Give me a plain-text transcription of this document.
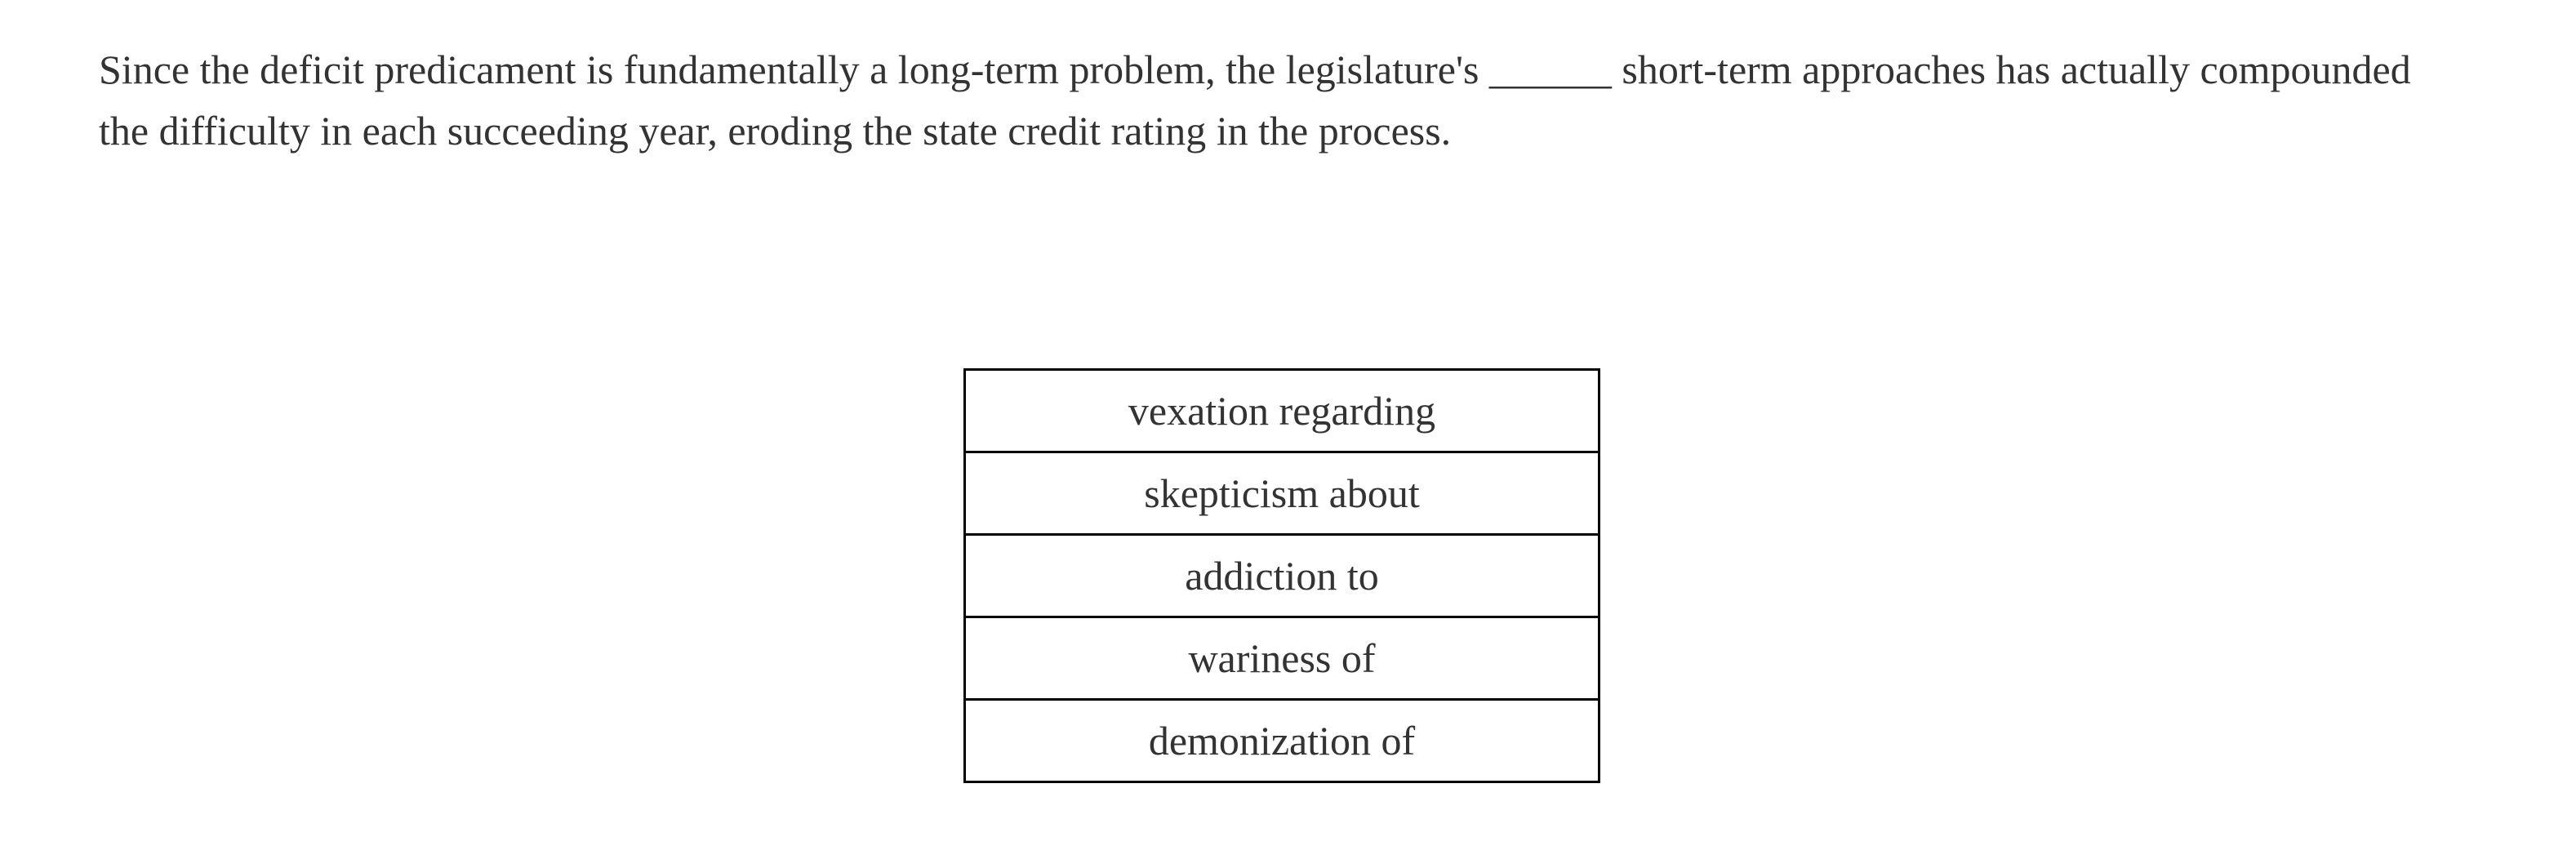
Since the deficit predicament is fundamentally a long-term problem, the legislature's ______ short-term approaches has actually compounded the difficulty in each succeeding year, eroding the state credit rating in the process.

vexation regarding
skepticism about
addiction to
wariness of
demonization of
